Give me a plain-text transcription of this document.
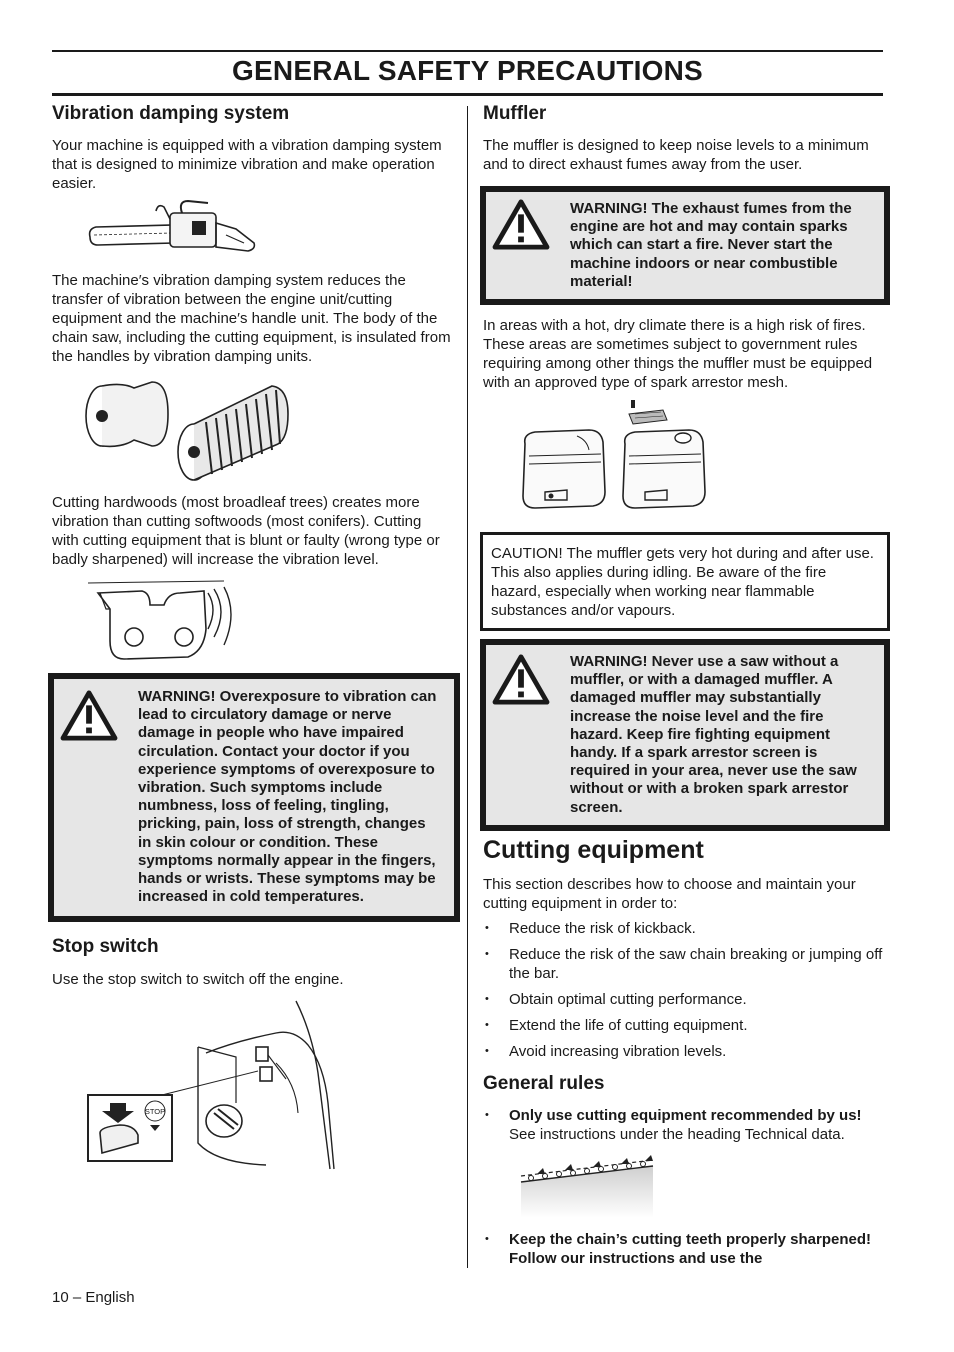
GENERAL SAFETY PRECAUTIONS
Vibration damping system

Your machine is equipped with a vibration damping system that is designed to minimize vibration and make operation easier.

The machine′s vibration damping system reduces the transfer of vibration between the engine unit/cutting equipment and the machine′s handle unit. The body of the chain saw, including the cutting equipment, is insulated from the handles by vibration damping units.

Cutting hardwoods (most broadleaf trees) creates more vibration than cutting softwoods (most conifers). Cutting with cutting equipment that is blunt or faulty (wrong type or badly sharpened) will increase the vibration level.

WARNING! Overexposure to vibration can lead to circulatory damage or nerve damage in people who have impaired circulation. Contact your doctor if you experience symptoms of overexposure to vibration. Such symptoms include numbness, loss of feeling, tingling, pricking, pain, loss of strength, changes in skin colour or condition. These symptoms normally appear in the fingers, hands or wrists. These symptoms may be increased in cold temperatures.
Stop switch

Use the stop switch to switch off the engine.

STOP
Muffler

The muffler is designed to keep noise levels to a minimum and to direct exhaust fumes away from the user.

WARNING! The exhaust fumes from the engine are hot and may contain sparks which can start a fire. Never start the machine indoors or near combustible material!

In areas with a hot, dry climate there is a high risk of fires. These areas are sometimes subject to government rules requiring among other things the muffler must be equipped with an approved type of spark arrestor mesh.

CAUTION! The muffler gets very hot during and after use. This also applies during idling. Be aware of the fire hazard, especially when working near flammable substances and/or vapours.

WARNING! Never use a saw without a muffler, or with a damaged muffler. A damaged muffler may substantially increase the noise level and the fire hazard. Keep fire fighting equipment handy. If a spark arrestor screen is required in your area, never use the saw without or with a broken spark arrestor screen.
Cutting equipment

This section describes how to choose and maintain your cutting equipment in order to:

• Reduce the risk of kickback.
• Reduce the risk of the saw chain breaking or jumping off the bar.
• Obtain optimal cutting performance.
• Extend the life of cutting equipment.
• Avoid increasing vibration levels.
General rules
• Only use cutting equipment recommended by us!
See instructions under the heading Technical data.
• Keep the chain’s cutting teeth properly sharpened! Follow our instructions and use the
10 – English
